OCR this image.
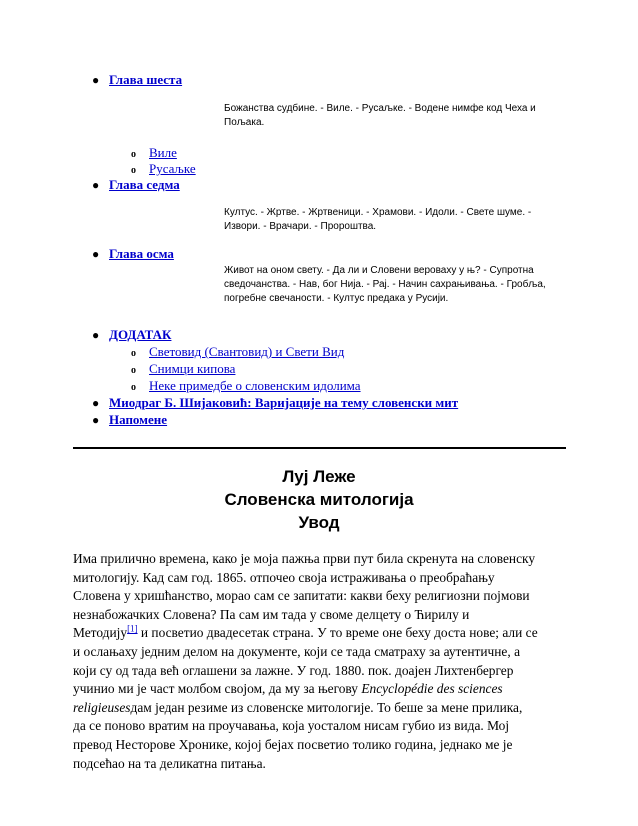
● Глава шеста
Божанства судбине. - Виле. - Русаљке. - Водене нимфе код Чеха и Пољака.
o Виле
o Русаљке
● Глава седма
Култус. - Жртве. - Жртвеници. - Храмови. - Идоли. - Свете шуме. - Извори. - Врачари. - Пророштва.
● Глава осма
Живот на оном свету. - Да ли и Словени вероваху у њ? - Супротна сведочанства. - Нав, бог Нија. - Рај. - Начин сахрањивања. - Гробља, погребне свечаности. - Култус предака у Русији.
● ДОДАТАК
o Световид (Свантовид) и Свети Вид
o Снимци кипова
o Неке примедбе о словенским идолима
● Миодраг Б. Шијаковић: Варијације на тему словенски мит
● Напомене
Луј Леже
Словенска митологија
Увод
Има прилично времена, како је моја пажња први пут била скренута на словенску
митологију. Кад сам год. 1865. отпочео своја истраживања о преобраћању
Словена у хришћанство, морао сам се запитати: какви беху религиозни појмови
незнабожачких Словена? Па сам им тада у своме делцету о Ћирилу и
Методију[1] и посветио двадесетак страна. У то време оне беху доста нове; али се
и ослањаху једним делом на документе, који се тада сматраху за аутентичне, а
који су од тада већ оглашени за лажне. У год. 1880. пок. доајен Лихтенбергер
учинио ми је част молбом својом, да му за његову Encyclopédie des sciences
religieusesдам један резиме из словенске митологије. То беше за мене прилика,
да се поново вратим на проучавања, која уосталом нисам губио из вида. Мој
превод Несторове Хронике, којој бејах посветио толико година, једнако ме је
подсећао на та деликатна питања.
